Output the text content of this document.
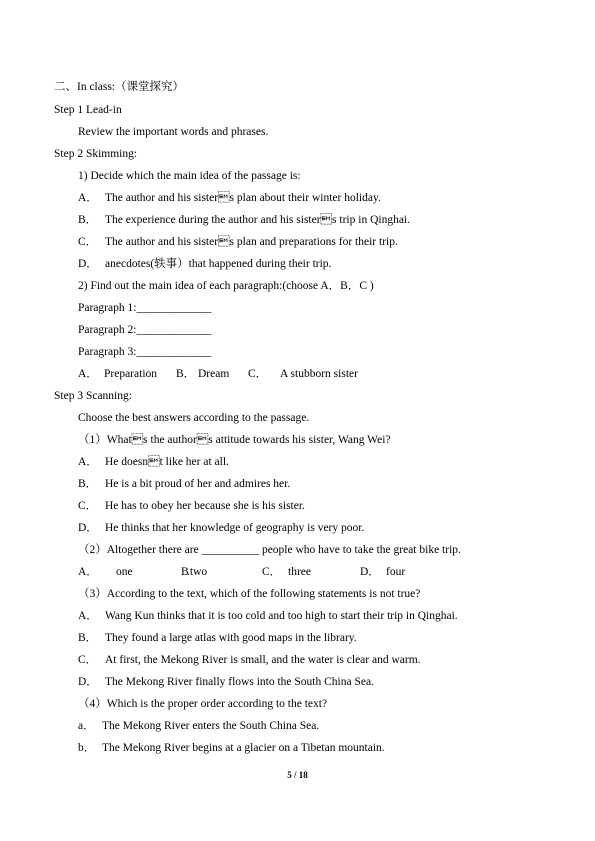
二、In class:（课堂探究）
Step 1 Lead-in
Review the important words and phrases.
Step 2 Skimming:
1) Decide which the main idea of the passage is:
A． The author and his sisters plan about their winter holiday.
B． The experience during the author and his sisters trip in Qinghai.
C． The author and his sisters plan and preparations for their trip.
D． anecdotes(轶事）that happened during their trip.
2) Find out the main idea of each paragraph:(choose A．B．C )
Paragraph 1:_____________
Paragraph 2:_____________
Paragraph 3:_____________
A． Preparation B． Dream C． A stubborn sister
Step 3 Scanning:
Choose the best answers according to the passage.
（1）Whats the authors attitude towards his sister, Wang Wei?
A． He doesnt like her at all.
B． He is a bit proud of her and admires her.
C． He has to obey her because she is his sister.
D． He thinks that her knowledge of geography is very poor.
（2）Altogether there are __________ people who have to take the great bike trip.
A． one	B.two	C． three	D． four
（3）According to the text, which of the following statements is not true?
A． Wang Kun thinks that it is too cold and too high to start their trip in Qinghai.
B． They found a large atlas with good maps in the library.
C． At first, the Mekong River is small, and the water is clear and warm.
D． The Mekong River finally flows into the South China Sea.
（4）Which is the proper order according to the text?
a． The Mekong River enters the South China Sea.
b． The Mekong River begins at a glacier on a Tibetan mountain.
5 / 18
